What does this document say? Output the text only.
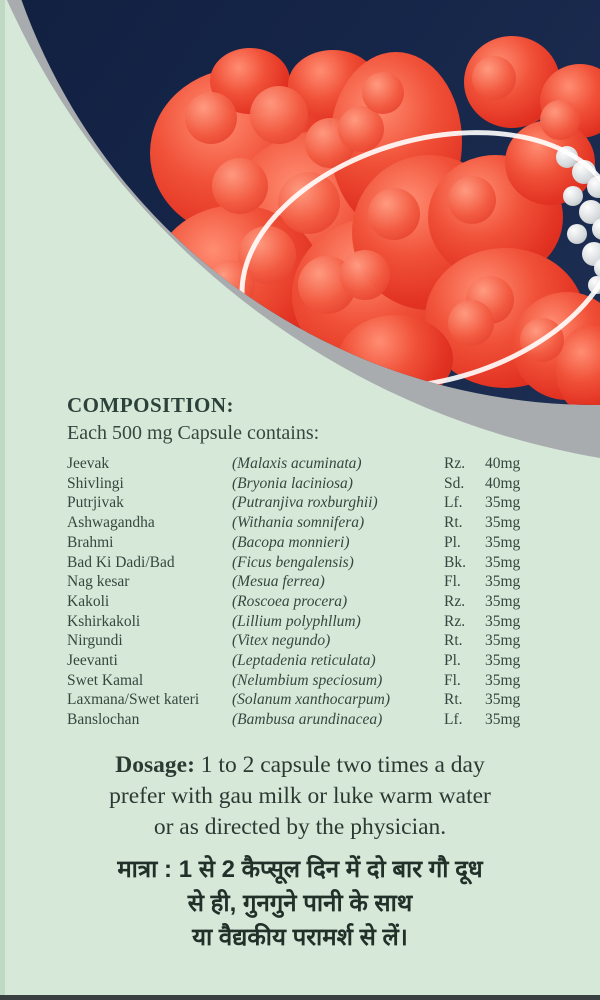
COMPOSITION:
Each 500 mg Capsule contains:
Jeevak	(Malaxis acuminata)	Rz.	40mg
Shivlingi	(Bryonia laciniosa)	Sd.	40mg
Putrjivak	(Putranjiva roxburghii)	Lf.	35mg
Ashwagandha	(Withania somnifera)	Rt.	35mg
Brahmi	(Bacopa monnieri)	Pl.	35mg
Bad Ki Dadi/Bad	(Ficus bengalensis)	Bk.	35mg
Nag kesar	(Mesua ferrea)	Fl.	35mg
Kakoli	(Roscoea procera)	Rz.	35mg
Kshirkakoli	(Lillium polyphllum)	Rz.	35mg
Nirgundi	(Vitex negundo)	Rt.	35mg
Jeevanti	(Leptadenia reticulata)	Pl.	35mg
Swet Kamal	(Nelumbium speciosum)	Fl.	35mg
Laxmana/Swet kateri	(Solanum xanthocarpum)	Rt.	35mg
Banslochan	(Bambusa arundinacea)	Lf.	35mg
Dosage: 1 to 2 capsule two times a day
prefer with gau milk or luke warm water
or as directed by the physician.
मात्रा : 1 से 2 कैप्सूल दिन में दो बार गौ दूध
से ही, गुनगुने पानी के साथ
या वैद्यकीय परामर्श से लें।
